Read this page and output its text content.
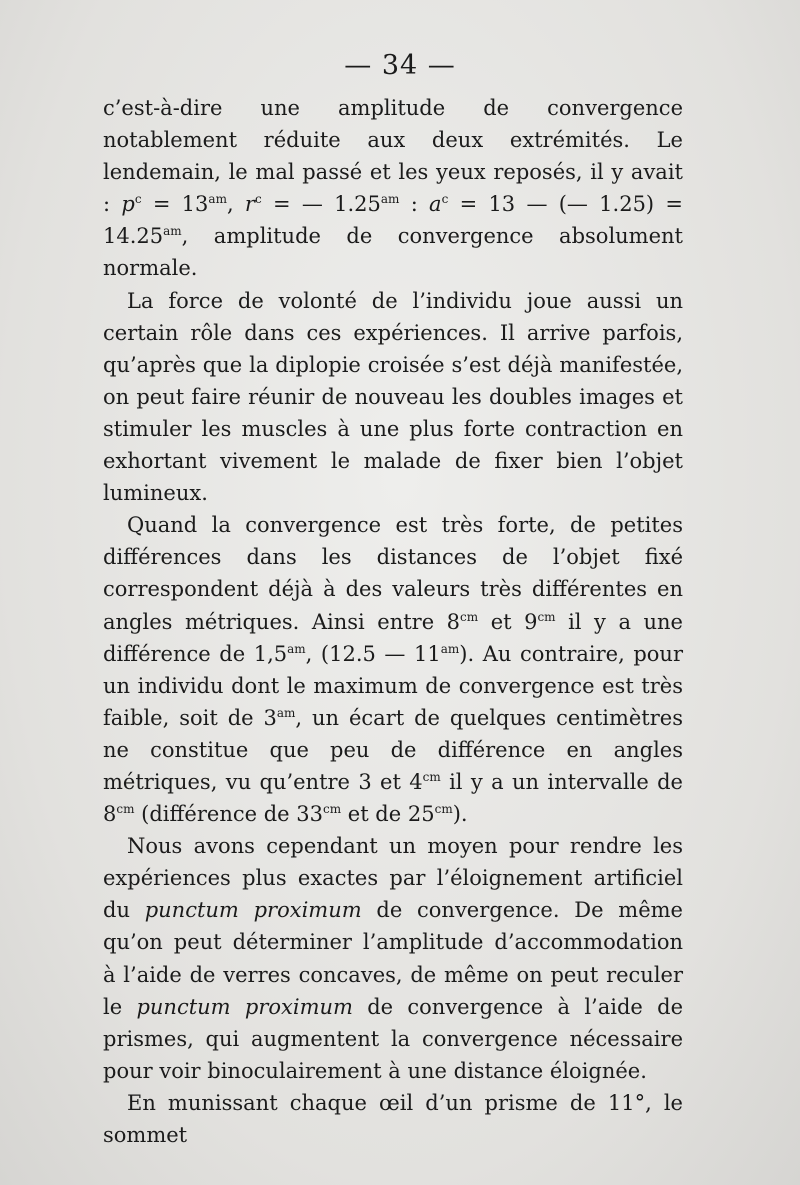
— 34 —

c’est-à-dire une amplitude de convergence notablement réduite aux deux extrémités. Le lendemain, le mal passé et les yeux reposés, il y avait : $p^c = 13^{am}$, $r^c$ = — $1.25^{am}$ : $a^c = 13$ — (— $1.25) = 14.25^{am}$, amplitude de convergence absolument normale.

La force de volonté de l’individu joue aussi un certain rôle dans ces expériences. Il arrive parfois, qu’après que la diplopie croisée s’est déjà manifestée, on peut faire réunir de nouveau les doubles images et stimuler les muscles à une plus forte contraction en exhortant vivement le malade de fixer bien l’objet lumineux.

Quand la convergence est très forte, de petites différences dans les distances de l’objet fixé correspondent déjà à des valeurs très différentes en angles métriques. Ainsi entre $8^{cm}$ et $9^{cm}$ il y a une différence de $1,5^{am}$, (12.5 — $11^{am}$). Au contraire, pour un individu dont le maximum de convergence est très faible, soit de $3^{am}$, un écart de quelques centimètres ne constitue que peu de différence en angles métriques, vu qu’entre 3 et $4^{cm}$ il y a un intervalle de $8^{cm}$ (différence de $33^{cm}$ et de $25^{cm}$).

Nous avons cependant un moyen pour rendre les expériences plus exactes par l’éloignement artificiel du punctum proximum de convergence. De même qu’on peut déterminer l’amplitude d’accommodation à l’aide de verres concaves, de même on peut reculer le punctum proximum de convergence à l’aide de prismes, qui augmentent la convergence nécessaire pour voir binoculairement à une distance éloignée.

En munissant chaque œil d’un prisme de 11°, le sommet
